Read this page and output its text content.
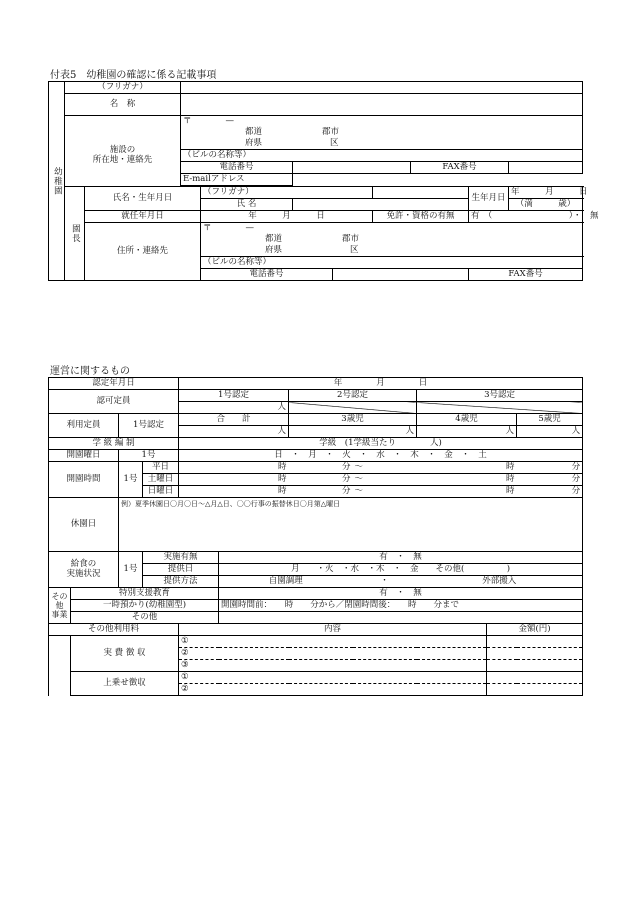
付表5　幼稚園の確認に係る記載事項
幼稚園	（フリガナ）										
	名　称										
	施設の
所在地・連絡先		〒　　　　—								
			都道 郡市								
			府県 区								
			（ビルの名称等）								
			電話番号					FAX番号			
			E-mailアドレス								

	園長	氏名・生年月日		（フリガナ）					生年月日	年　　　月　　　日	
				氏 名						（満　　　歳）	
		就任年月日		年　　　月　　　日			免許・資格の有無		有　（　　　　　　　　　）・　無		
		住所・連絡先		〒　　　　—							
				都道 郡市							
				府県 区							
				（ビルの名称等）							
				電話番号					FAX番号		
運営に関するもの
認定年月日				年　　　　月　　　　日						
認可定員				1号認定		2号認定		3号認定		
				人						
利用定員		1号認定		合　　計		3歳児		4歳児		5歳児
				人		人		人		人
学 級 編 制				学級　(1学級当たり　　　　人)						
開園曜日		1号		日　・　月　・　火　・　水　・　木　・　金　・　土						
開園時間		1号	平日	時		分	～	時		分
			土曜日	時		分	～	時		分
			日曜日	時		分	～	時		分
休園日		例）夏季休園日〇月〇日～△月△日、〇〇行事の振替休日〇月第△曜日								
給食の
実施状況		1号	実施有無		有　・　無					
			提供日		月　　・火　・水　・木　・　金　　その他(　　　　　)					
			提供方法		自園調理		・	外部搬入		
その
他
事業	特別支援教育				有　・　無					
	一時預かり(幼稚園型)				開園時間前：　　時　　分から／閉園時間後：　　時　　分まで					
	その他									
その他利用料				内容					金額(円)	
	実 費 徴 収			①						
				②						
				③						
	上乗せ徴収			①						
				②						
